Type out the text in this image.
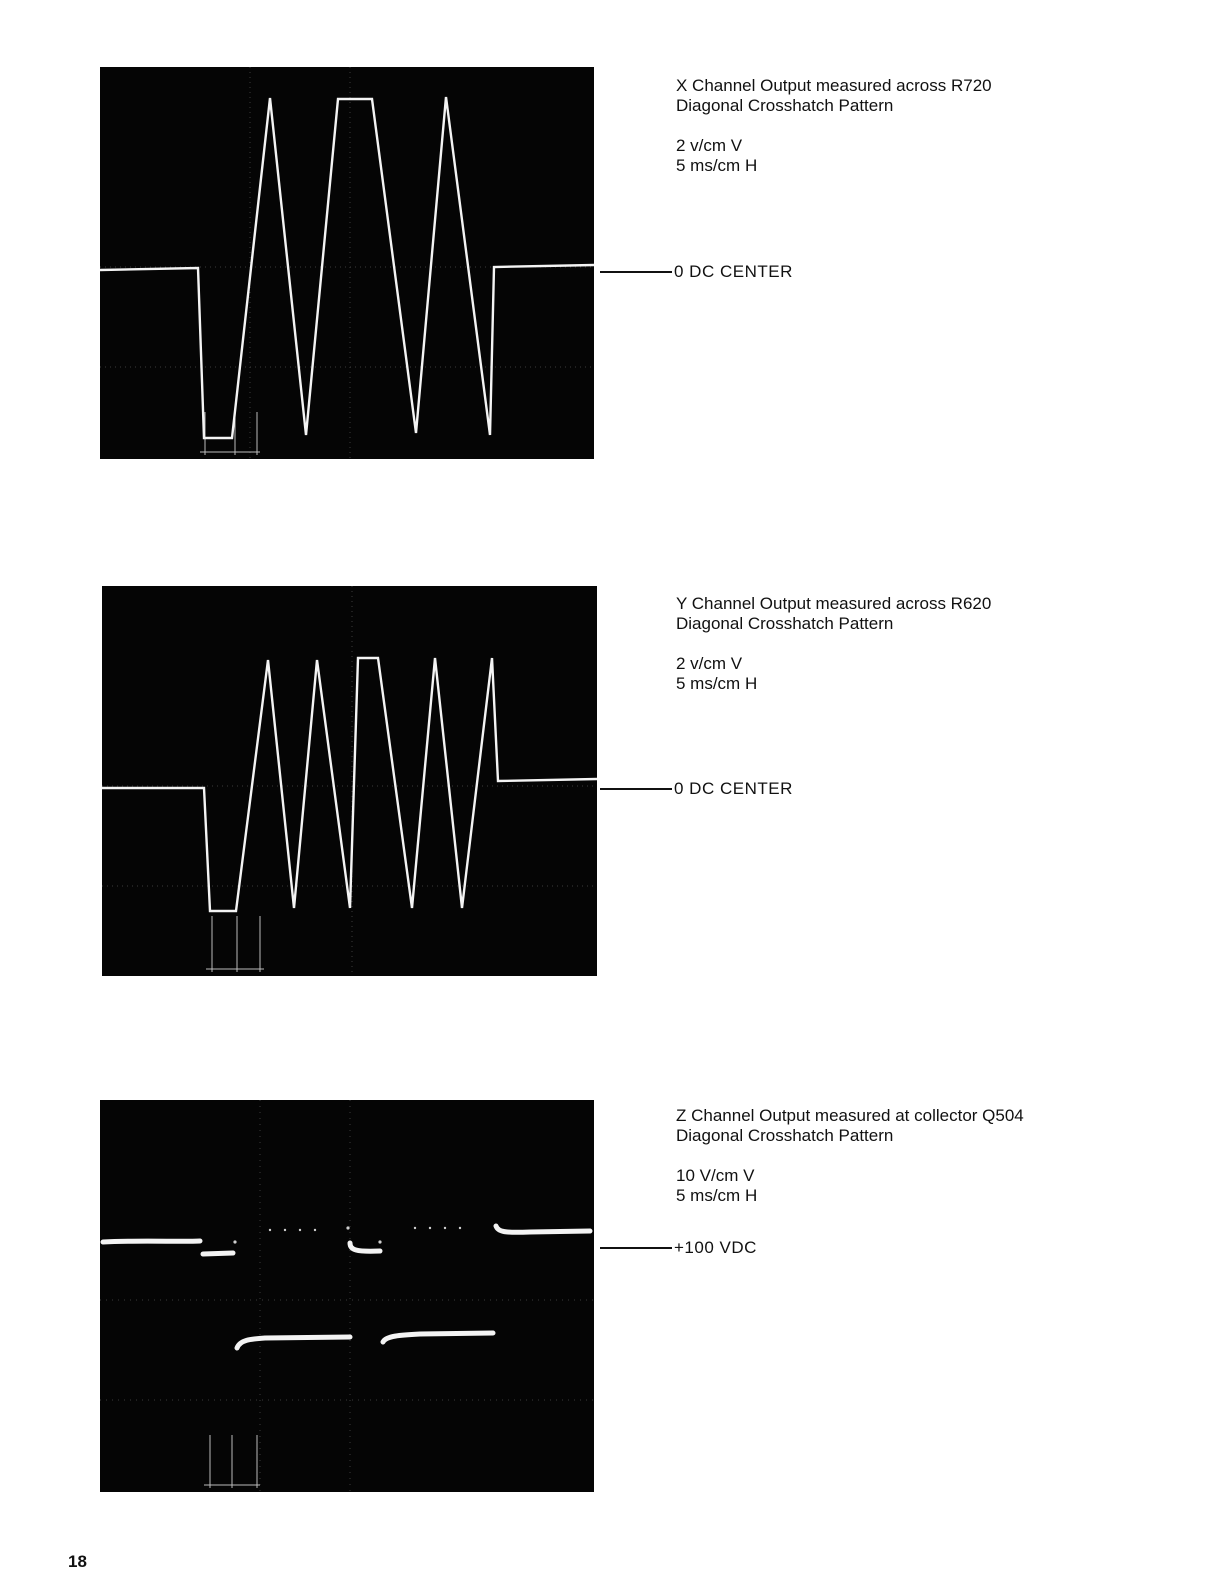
X Channel Output measured across R720
Diagonal Crosshatch Pattern
2 v/cm V
5 ms/cm H
0 DC CENTER
Y Channel Output measured across R620
Diagonal Crosshatch Pattern
2 v/cm V
5 ms/cm H
0 DC CENTER
Z Channel Output measured at collector Q504
Diagonal Crosshatch Pattern
10 V/cm V
5 ms/cm H
+100 VDC
18
